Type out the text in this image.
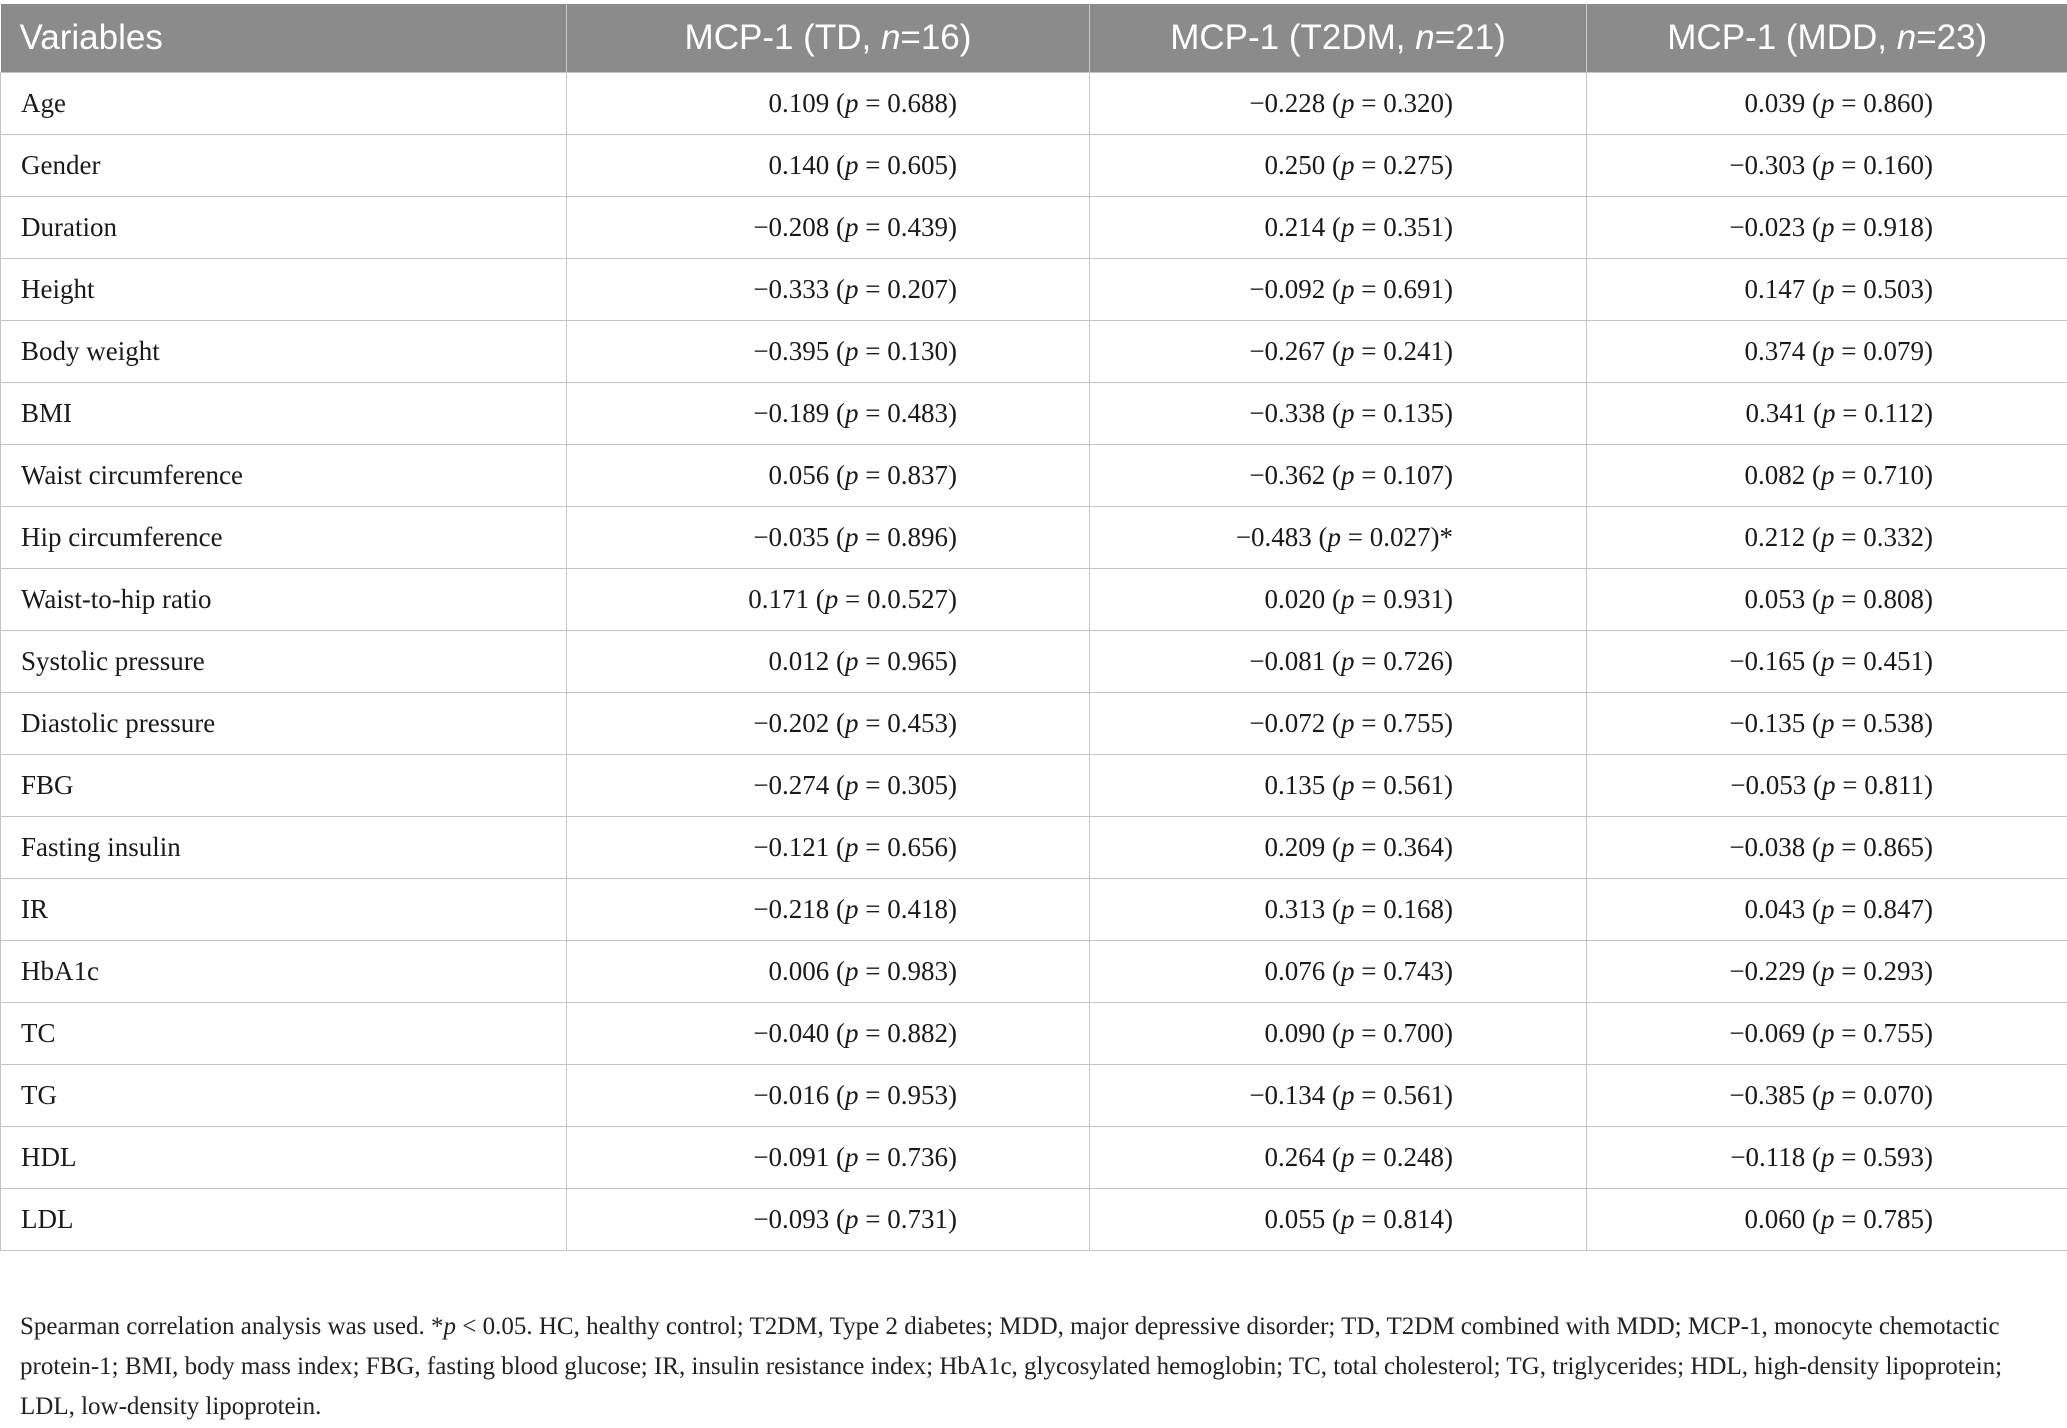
Variables	MCP-1 (TD, n=16)	MCP-1 (T2DM, n=21)	MCP-1 (MDD, n=23)
Age	0.109 (p = 0.688)	−0.228 (p = 0.320)	0.039 (p = 0.860)
Gender	0.140 (p = 0.605)	0.250 (p = 0.275)	−0.303 (p = 0.160)
Duration	−0.208 (p = 0.439)	0.214 (p = 0.351)	−0.023 (p = 0.918)
Height	−0.333 (p = 0.207)	−0.092 (p = 0.691)	0.147 (p = 0.503)
Body weight	−0.395 (p = 0.130)	−0.267 (p = 0.241)	0.374 (p = 0.079)
BMI	−0.189 (p = 0.483)	−0.338 (p = 0.135)	0.341 (p = 0.112)
Waist circumference	0.056 (p = 0.837)	−0.362 (p = 0.107)	0.082 (p = 0.710)
Hip circumference	−0.035 (p = 0.896)	−0.483 (p = 0.027)*	0.212 (p = 0.332)
Waist-to-hip ratio	0.171 (p = 0.0.527)	0.020 (p = 0.931)	0.053 (p = 0.808)
Systolic pressure	0.012 (p = 0.965)	−0.081 (p = 0.726)	−0.165 (p = 0.451)
Diastolic pressure	−0.202 (p = 0.453)	−0.072 (p = 0.755)	−0.135 (p = 0.538)
FBG	−0.274 (p = 0.305)	0.135 (p = 0.561)	−0.053 (p = 0.811)
Fasting insulin	−0.121 (p = 0.656)	0.209 (p = 0.364)	−0.038 (p = 0.865)
IR	−0.218 (p = 0.418)	0.313 (p = 0.168)	0.043 (p = 0.847)
HbA1c	0.006 (p = 0.983)	0.076 (p = 0.743)	−0.229 (p = 0.293)
TC	−0.040 (p = 0.882)	0.090 (p = 0.700)	−0.069 (p = 0.755)
TG	−0.016 (p = 0.953)	−0.134 (p = 0.561)	−0.385 (p = 0.070)
HDL	−0.091 (p = 0.736)	0.264 (p = 0.248)	−0.118 (p = 0.593)
LDL	−0.093 (p = 0.731)	0.055 (p = 0.814)	0.060 (p = 0.785)
Spearman correlation analysis was used. *p < 0.05. HC, healthy control; T2DM, Type 2 diabetes; MDD, major depressive disorder; TD, T2DM combined with MDD; MCP-1, monocyte chemotactic protein-1; BMI, body mass index; FBG, fasting blood glucose; IR, insulin resistance index; HbA1c, glycosylated hemoglobin; TC, total cholesterol; TG, triglycerides; HDL, high-density lipoprotein; LDL, low-density lipoprotein.
